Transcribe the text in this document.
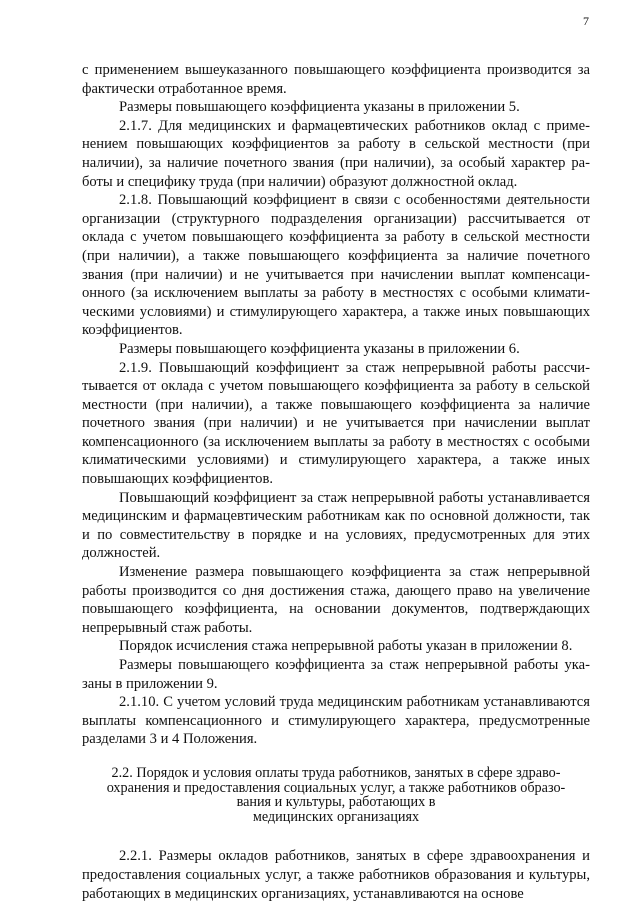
7

с применением вышеуказанного повышающего коэффициента производится за фактически отработанное время.

Размеры повышающего коэффициента указаны в приложении 5.

2.1.7. Для медицинских и фармацевтических работников оклад с применением повышающих коэффициентов за работу в сельской местности (при наличии), за наличие почетного звания (при наличии), за особый характер работы и специфику труда (при наличии) образуют должностной оклад.

2.1.8. Повышающий коэффициент в связи с особенностями деятельности организации (структурного подразделения организации) рассчитывается от оклада с учетом повышающего коэффициента за работу в сельской местности (при наличии), а также повышающего коэффициента за наличие почетного звания (при наличии) и не учитывается при начислении выплат компенсационного (за исключением выплаты за работу в местностях с особыми климатическими условиями) и стимулирующего характера, а также иных повышающих коэффициентов.

Размеры повышающего коэффициента указаны в приложении 6.

2.1.9. Повышающий коэффициент за стаж непрерывной работы рассчитывается от оклада с учетом повышающего коэффициента за работу в сельской местности (при наличии), а также повышающего коэффициента за наличие почетного звания (при наличии) и не учитывается при начислении выплат компенсационного (за исключением выплаты за работу в местностях с особыми климатическими условиями) и стимулирующего характера, а также иных повышающих коэффициентов.

Повышающий коэффициент за стаж непрерывной работы устанавливается медицинским и фармацевтическим работникам как по основной должности, так и по совместительству в порядке и на условиях, предусмотренных для этих должностей.

Изменение размера повышающего коэффициента за стаж непрерывной работы производится со дня достижения стажа, дающего право на увеличение повышающего коэффициента, на основании документов, подтверждающих непрерывный стаж работы.

Порядок исчисления стажа непрерывной работы указан в приложении 8.

Размеры повышающего коэффициента за стаж непрерывной работы указаны в приложении 9.

2.1.10. С учетом условий труда медицинским работникам устанавливаются выплаты компенсационного и стимулирующего характера, предусмотренные разделами 3 и 4 Положения.

2.2. Порядок и условия оплаты труда работников, занятых в сфере здраво-
охранения и предоставления социальных услуг, а также работников образо-
вания и культуры, работающих в
медицинских организациях

2.2.1. Размеры окладов работников, занятых в сфере здравоохранения и предоставления социальных услуг, а также работников образования и культуры, работающих в медицинских организациях, устанавливаются на основе
